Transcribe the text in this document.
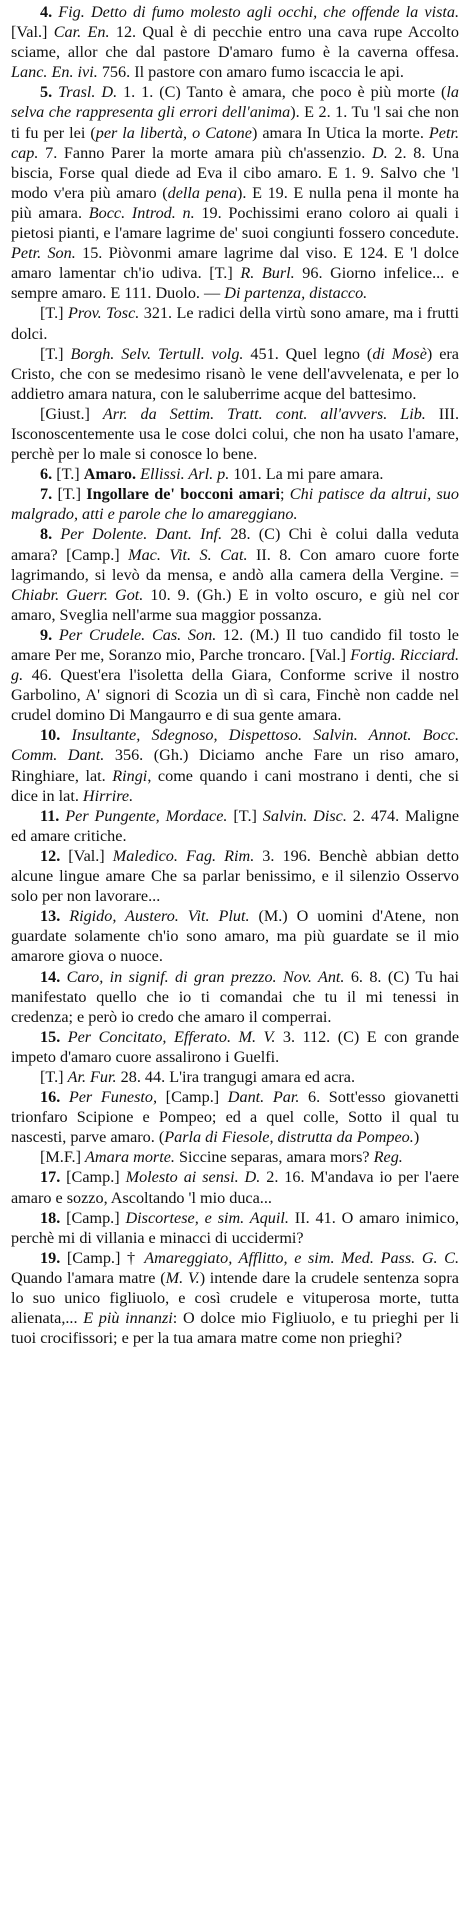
4. Fig. Detto di fumo molesto agli occhi, che offende la vista. [Val.] Car. En. 12. Qual è di pecchie entro una cava rupe Accolto sciame, allor che dal pastore D'amaro fumo è la caverna offesa. Lanc. En. ivi. 756. Il pastore con amaro fumo iscaccia le api.

5. Trasl. D. 1. 1. (C) Tanto è amara, che poco è più morte (la selva che rappresenta gli errori dell'anima). E 2. 1. Tu 'l sai che non ti fu per lei (per la libertà, o Catone) amara In Utica la morte. Petr. cap. 7. Fanno Parer la morte amara più ch'assenzio. D. 2. 8. Una biscia, Forse qual diede ad Eva il cibo amaro. E 1. 9. Salvo che 'l modo v'era più amaro (della pena). E 19. E nulla pena il monte ha più amara. Bocc. Introd. n. 19. Pochissimi erano coloro ai quali i pietosi pianti, e l'amare lagrime de' suoi congiunti fossero concedute. Petr. Son. 15. Piòvonmi amare lagrime dal viso. E 124. E 'l dolce amaro lamentar ch'io udiva. [T.] R. Burl. 96. Giorno infelice... e sempre amaro. E 111. Duolo. — Di partenza, distacco.

[T.] Prov. Tosc. 321. Le radici della virtù sono amare, ma i frutti dolci.

[T.] Borgh. Selv. Tertull. volg. 451. Quel legno (di Mosè) era Cristo, che con se medesimo risanò le vene dell'avvelenata, e per lo addietro amara natura, con le saluberrime acque del battesimo.

[Giust.] Arr. da Settim. Tratt. cont. all'avvers. Lib. III. Isconoscentemente usa le cose dolci colui, che non ha usato l'amare, perchè per lo male si conosce lo bene.

6. [T.] Amaro. Ellissi. Arl. p. 101. La mi pare amara.

7. [T.] Ingollare de' bocconi amari; Chi patisce da altrui, suo malgrado, atti e parole che lo amareggiano.

8. Per Dolente. Dant. Inf. 28. (C) Chi è colui dalla veduta amara? [Camp.] Mac. Vit. S. Cat. II. 8. Con amaro cuore forte lagrimando, si levò da mensa, e andò alla camera della Vergine. = Chiabr. Guerr. Got. 10. 9. (Gh.) E in volto oscuro, e giù nel cor amaro, Sveglia nell'arme sua maggior possanza.

9. Per Crudele. Cas. Son. 12. (M.) Il tuo candido fil tosto le amare Per me, Soranzo mio, Parche troncaro. [Val.] Fortig. Ricciard. g. 46. Quest'era l'isoletta della Giara, Conforme scrive il nostro Garbolino, A' signori di Scozia un dì sì cara, Finchè non cadde nel crudel domino Di Mangaurro e di sua gente amara.

10. Insultante, Sdegnoso, Dispettoso. Salvin. Annot. Bocc. Comm. Dant. 356. (Gh.) Diciamo anche Fare un riso amaro, Ringhiare, lat. Ringi, come quando i cani mostrano i denti, che si dice in lat. Hirrire.

11. Per Pungente, Mordace. [T.] Salvin. Disc. 2. 474. Maligne ed amare critiche.

12. [Val.] Maledico. Fag. Rim. 3. 196. Benchè abbian detto alcune lingue amare Che sa parlar benissimo, e il silenzio Osservo solo per non lavorare...

13. Rigido, Austero. Vit. Plut. (M.) O uomini d'Atene, non guardate solamente ch'io sono amaro, ma più guardate se il mio amarore giova o nuoce.

14. Caro, in signif. di gran prezzo. Nov. Ant. 6. 8. (C) Tu hai manifestato quello che io ti comandai che tu il mi tenessi in credenza; e però io credo che amaro il comperrai.

15. Per Concitato, Efferato. M. V. 3. 112. (C) E con grande impeto d'amaro cuore assalirono i Guelfi.

[T.] Ar. Fur. 28. 44. L'ira trangugi amara ed acra.

16. Per Funesto, [Camp.] Dant. Par. 6. Sott'esso giovanetti trionfaro Scipione e Pompeo; ed a quel colle, Sotto il qual tu nascesti, parve amaro. (Parla di Fiesole, distrutta da Pompeo.)

[M.F.] Amara morte. Siccine separas, amara mors? Reg.

17. [Camp.] Molesto ai sensi. D. 2. 16. M'andava io per l'aere amaro e sozzo, Ascoltando 'l mio duca...

18. [Camp.] Discortese, e sim. Aquil. II. 41. O amaro inimico, perchè mi di villania e minacci di uccidermi?

19. [Camp.] † Amareggiato, Afflitto, e sim. Med. Pass. G. C. Quando l'amara matre (M. V.) intende dare la crudele sentenza sopra lo suo unico figliuolo, e così crudele e vituperosa morte, tutta alienata,... E più innanzi: O dolce mio Figliuolo, e tu prieghi per li tuoi crocifissori; e per la tua amara matre come non prieghi?
